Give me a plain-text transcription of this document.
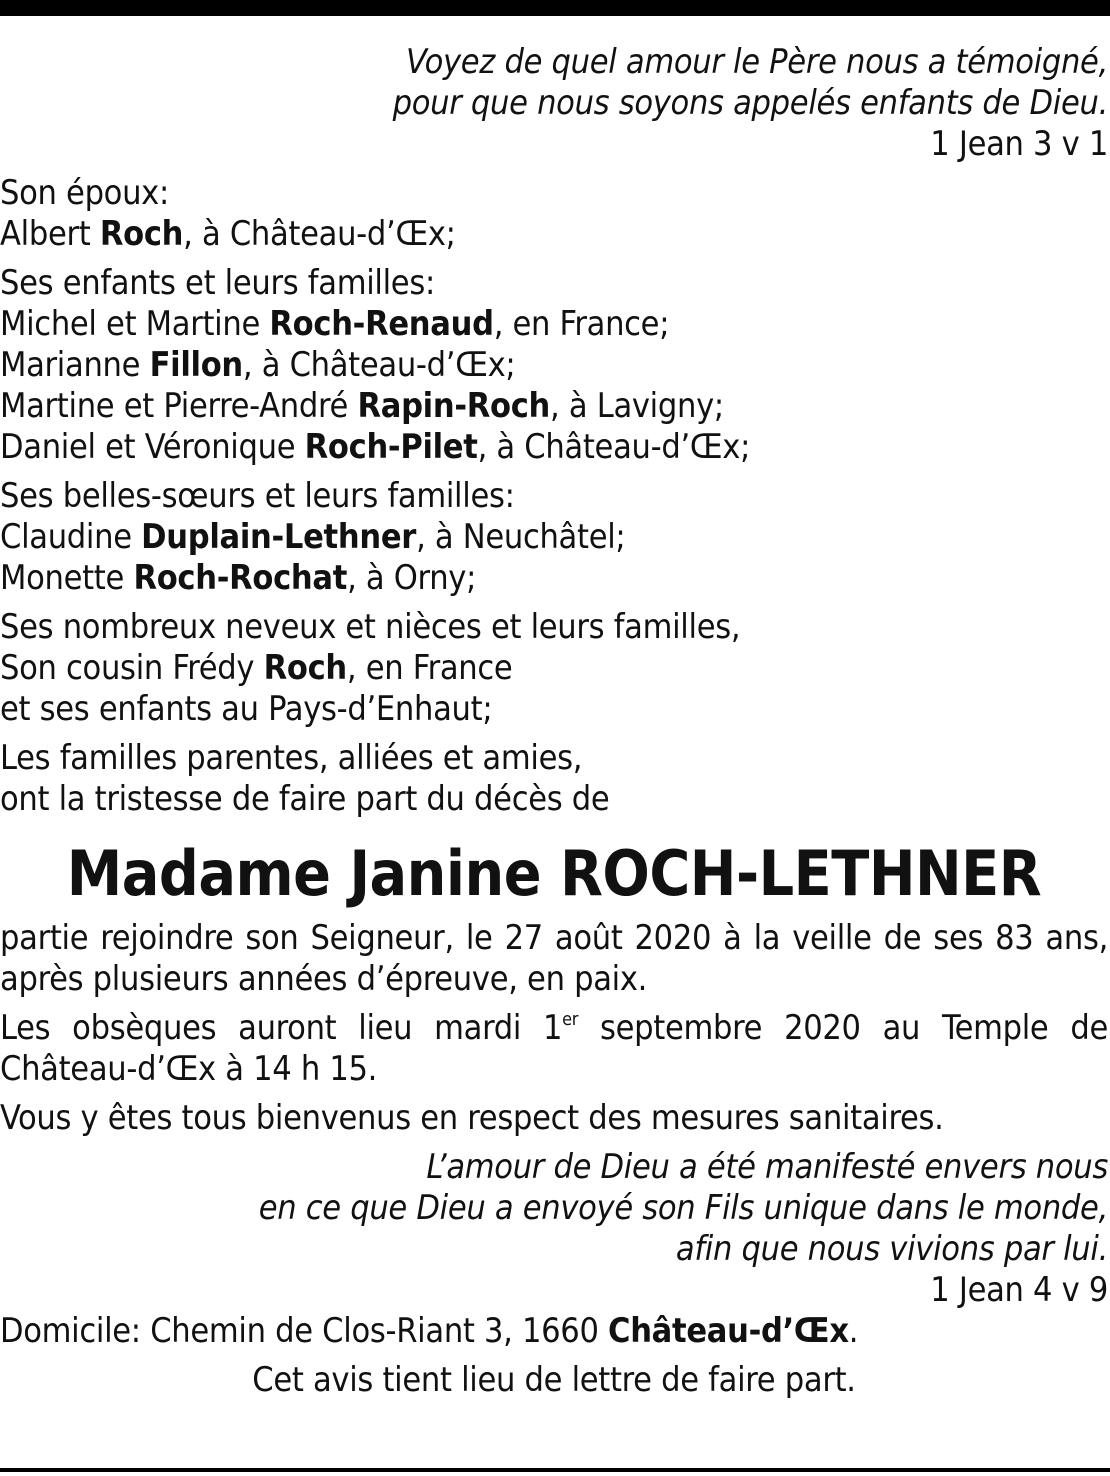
Voyez de quel amour le Père nous a témoigné,
pour que nous soyons appelés enfants de Dieu.
1 Jean 3 v 1
Son époux:
Albert Roch, à Château-d’Œx;
Ses enfants et leurs familles:
Michel et Martine Roch-Renaud, en France;
Marianne Fillon, à Château-d’Œx;
Martine et Pierre-André Rapin-Roch, à Lavigny;
Daniel et Véronique Roch-Pilet, à Château-d’Œx;
Ses belles-sœurs et leurs familles:
Claudine Duplain-Lethner, à Neuchâtel;
Monette Roch-Rochat, à Orny;
Ses nombreux neveux et nièces et leurs familles,
Son cousin Frédy Roch, en France
et ses enfants au Pays-d’Enhaut;
Les familles parentes, alliées et amies,
ont la tristesse de faire part du décès de
Madame Janine ROCH-LETHNER
partie rejoindre son Seigneur, le 27 août 2020 à la veille de ses 83 ans, après plusieurs années d’épreuve, en paix.
Les obsèques auront lieu mardi 1er septembre 2020 au Temple de Château-d’Œx à 14 h 15.
Vous y êtes tous bienvenus en respect des mesures sanitaires.
L’amour de Dieu a été manifesté envers nous
en ce que Dieu a envoyé son Fils unique dans le monde,
afin que nous vivions par lui.
1 Jean 4 v 9
Domicile: Chemin de Clos-Riant 3, 1660 Château-d’Œx.
Cet avis tient lieu de lettre de faire part.
